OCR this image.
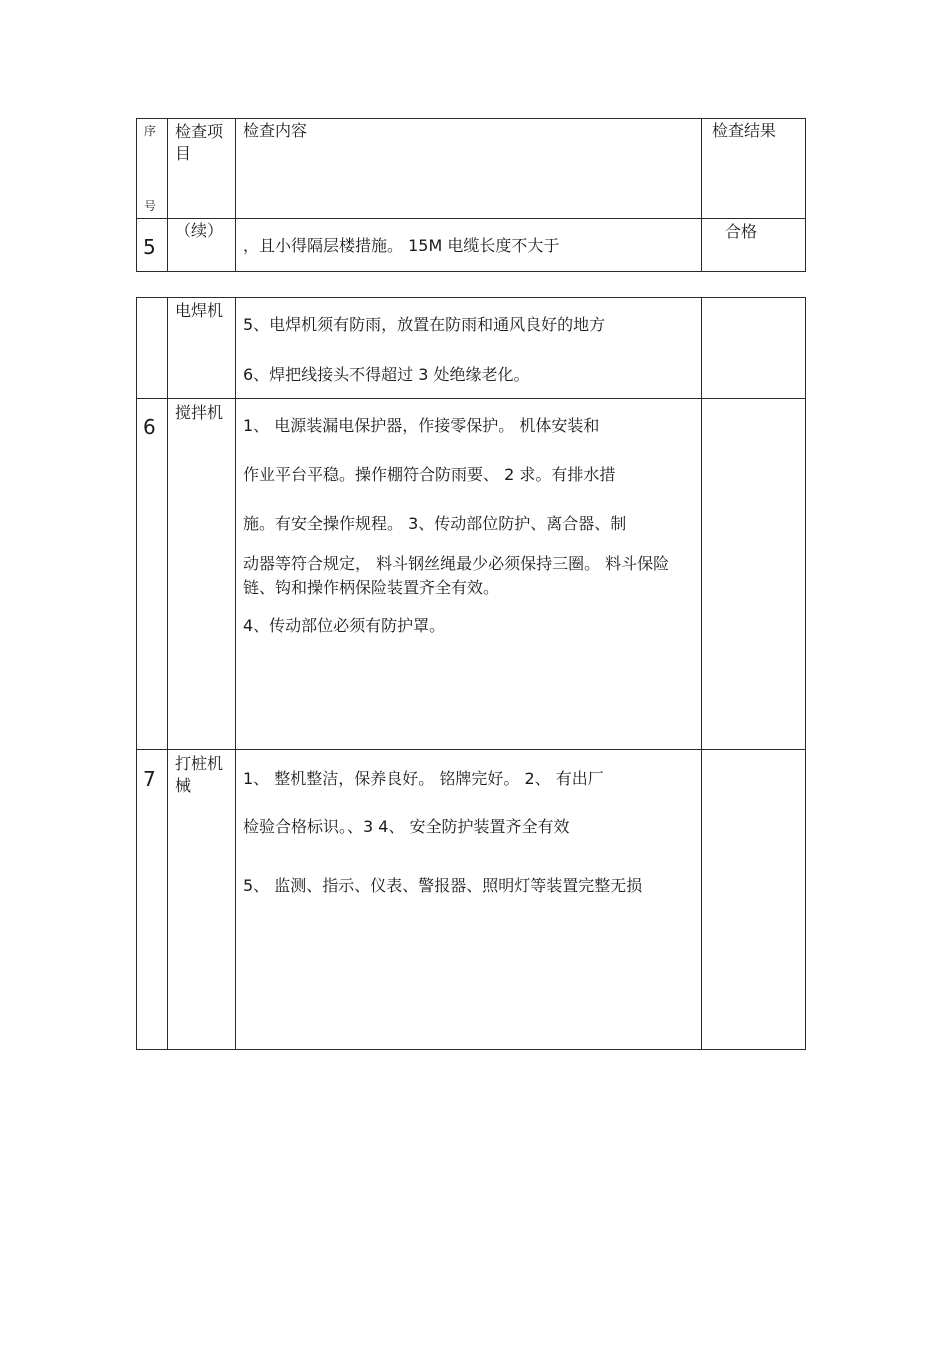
序
号
检查项目
检查内容	检查结果
5
（续）
，且小得隔层楼措施。 15M 电缆长度不大于
合格
电焊机
5、电焊机须有防雨，放置在防雨和通风良好的地方
6、焊把线接头不得超过 3 处绝缘老化。
6
搅拌机
1、 电源装漏电保护器，作接零保护。 机体安装和
作业平台平稳。操作棚符合防雨要、 2 求。有排水措
施。有安全操作规程。 3、传动部位防护、离合器、制
动器等符合规定， 料斗钢丝绳最少必须保持三圈。 料斗保险链、钩和操作柄保险装置齐全有效。
4、传动部位必须有防护罩。
7
打桩机械	1、 整机整洁，保养良好。 铭牌完好。 2、 有出厂
检验合格标识。、3 4、 安全防护装置齐全有效
5、 监测、指示、仪表、警报器、照明灯等装置完整无损
